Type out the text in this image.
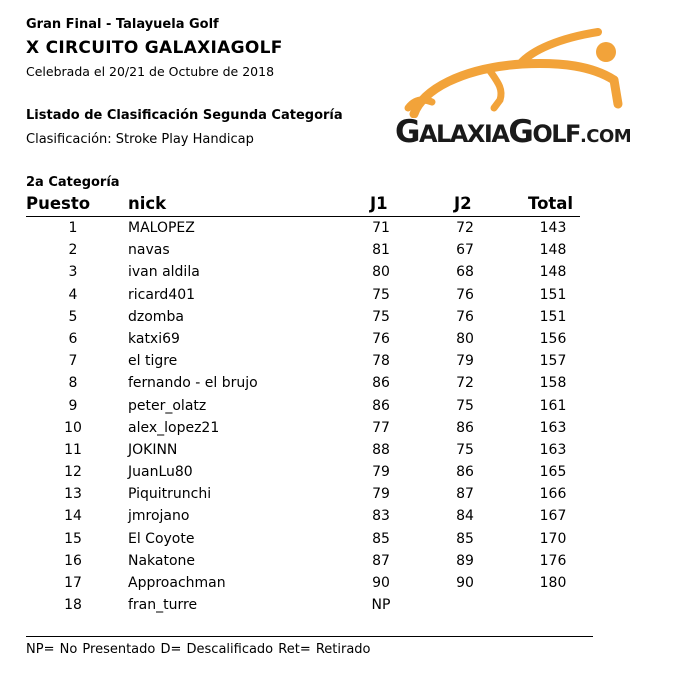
Gran Final - Talayuela Golf
X CIRCUITO GALAXIAGOLF
Celebrada el 20/21 de Octubre de 2018
Listado de Clasificación Segunda Categoría
Clasificación: Stroke Play Handicap
2a Categoría
GALAXIAGOLF.COM
Puesto nick	J1	J2	Total
1	MALOPEZ	71	72	143
2	navas	81	67	148
3	ivan aldila	80	68	148
4	ricard401	75	76	151
5	dzomba	75	76	151
6	katxi69	76	80	156
7	el tigre	78	79	157
8	fernando - el brujo	86	72	158
9	peter_olatz	86	75	161
10	alex_lopez21	77	86	163
11	JOKINN	88	75	163
12	JuanLu80	79	86	165
13	Piquitrunchi	79	87	166
14	jmrojano	83	84	167
15	El Coyote	85	85	170
16	Nakatone	87	89	176
17	Approachman	90	90	180
18	fran_turre	NP
NP= No Presentado D= Descalificado Ret= Retirado
